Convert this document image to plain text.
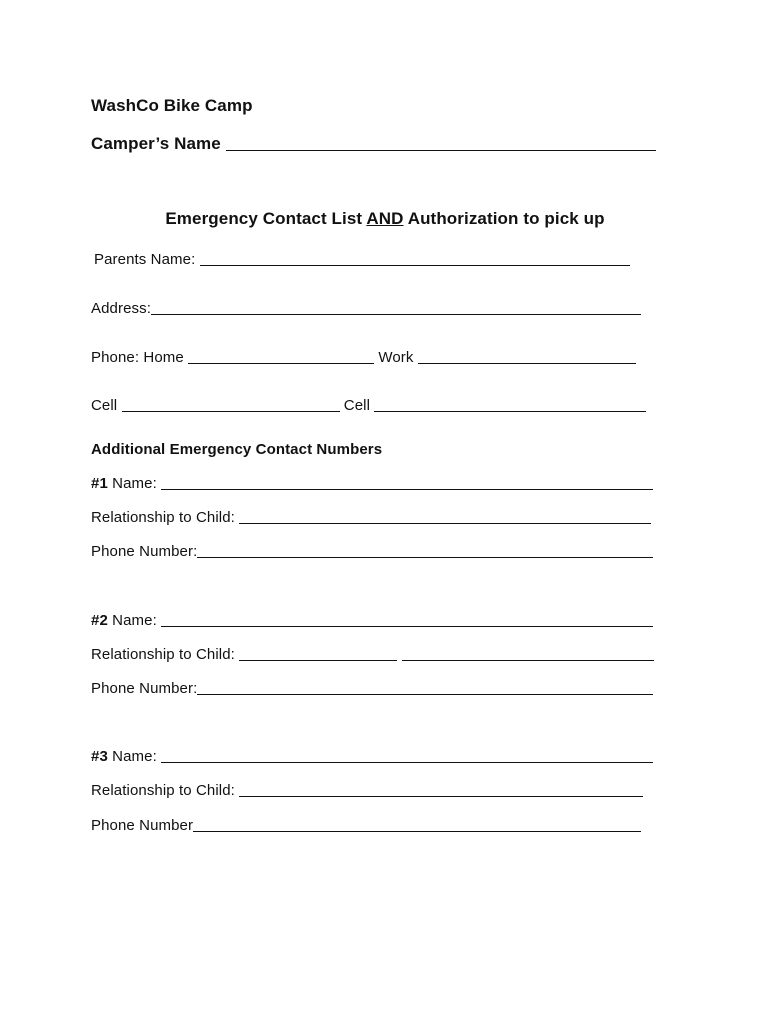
WashCo Bike Camp
Camper’s Name
Emergency Contact List AND Authorization to pick up
Parents Name:
Address:
Phone: Home	Work
Cell	Cell
Additional Emergency Contact Numbers
#1 Name:
Relationship to Child:
Phone Number:
#2 Name:
Relationship to Child:
Phone Number:
#3 Name:
Relationship to Child:
Phone Number
